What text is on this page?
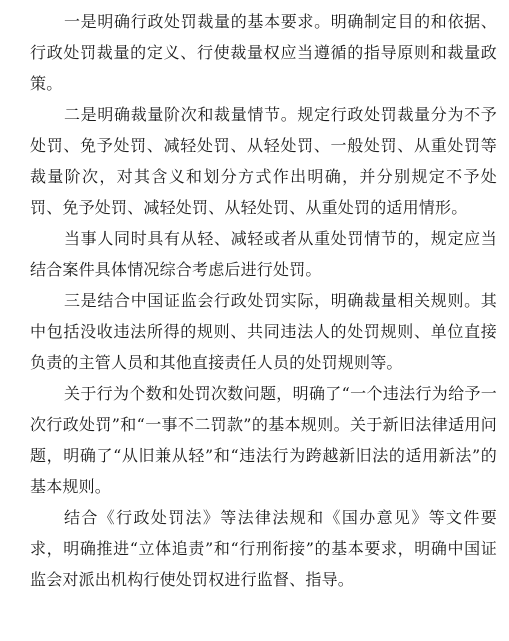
一是明确行政处罚裁量的基本要求。明确制定目的和依据、行政处罚裁量的定义、行使裁量权应当遵循的指导原则和裁量政策。

二是明确裁量阶次和裁量情节。规定行政处罚裁量分为不予处罚、免予处罚、减轻处罚、从轻处罚、一般处罚、从重处罚等裁量阶次，对其含义和划分方式作出明确，并分别规定不予处罚、免予处罚、减轻处罚、从轻处罚、从重处罚的适用情形。

当事人同时具有从轻、减轻或者从重处罚情节的，规定应当结合案件具体情况综合考虑后进行处罚。

三是结合中国证监会行政处罚实际，明确裁量相关规则。其中包括没收违法所得的规则、共同违法人的处罚规则、单位直接负责的主管人员和其他直接责任人员的处罚规则等。

关于行为个数和处罚次数问题，明确了“一个违法行为给予一次行政处罚”和“一事不二罚款”的基本规则。关于新旧法律适用问题，明确了“从旧兼从轻”和“违法行为跨越新旧法的适用新法”的基本规则。

结合《行政处罚法》等法律法规和《国办意见》等文件要求，明确推进“立体追责”和“行刑衔接”的基本要求，明确中国证监会对派出机构行使处罚权进行监督、指导。
